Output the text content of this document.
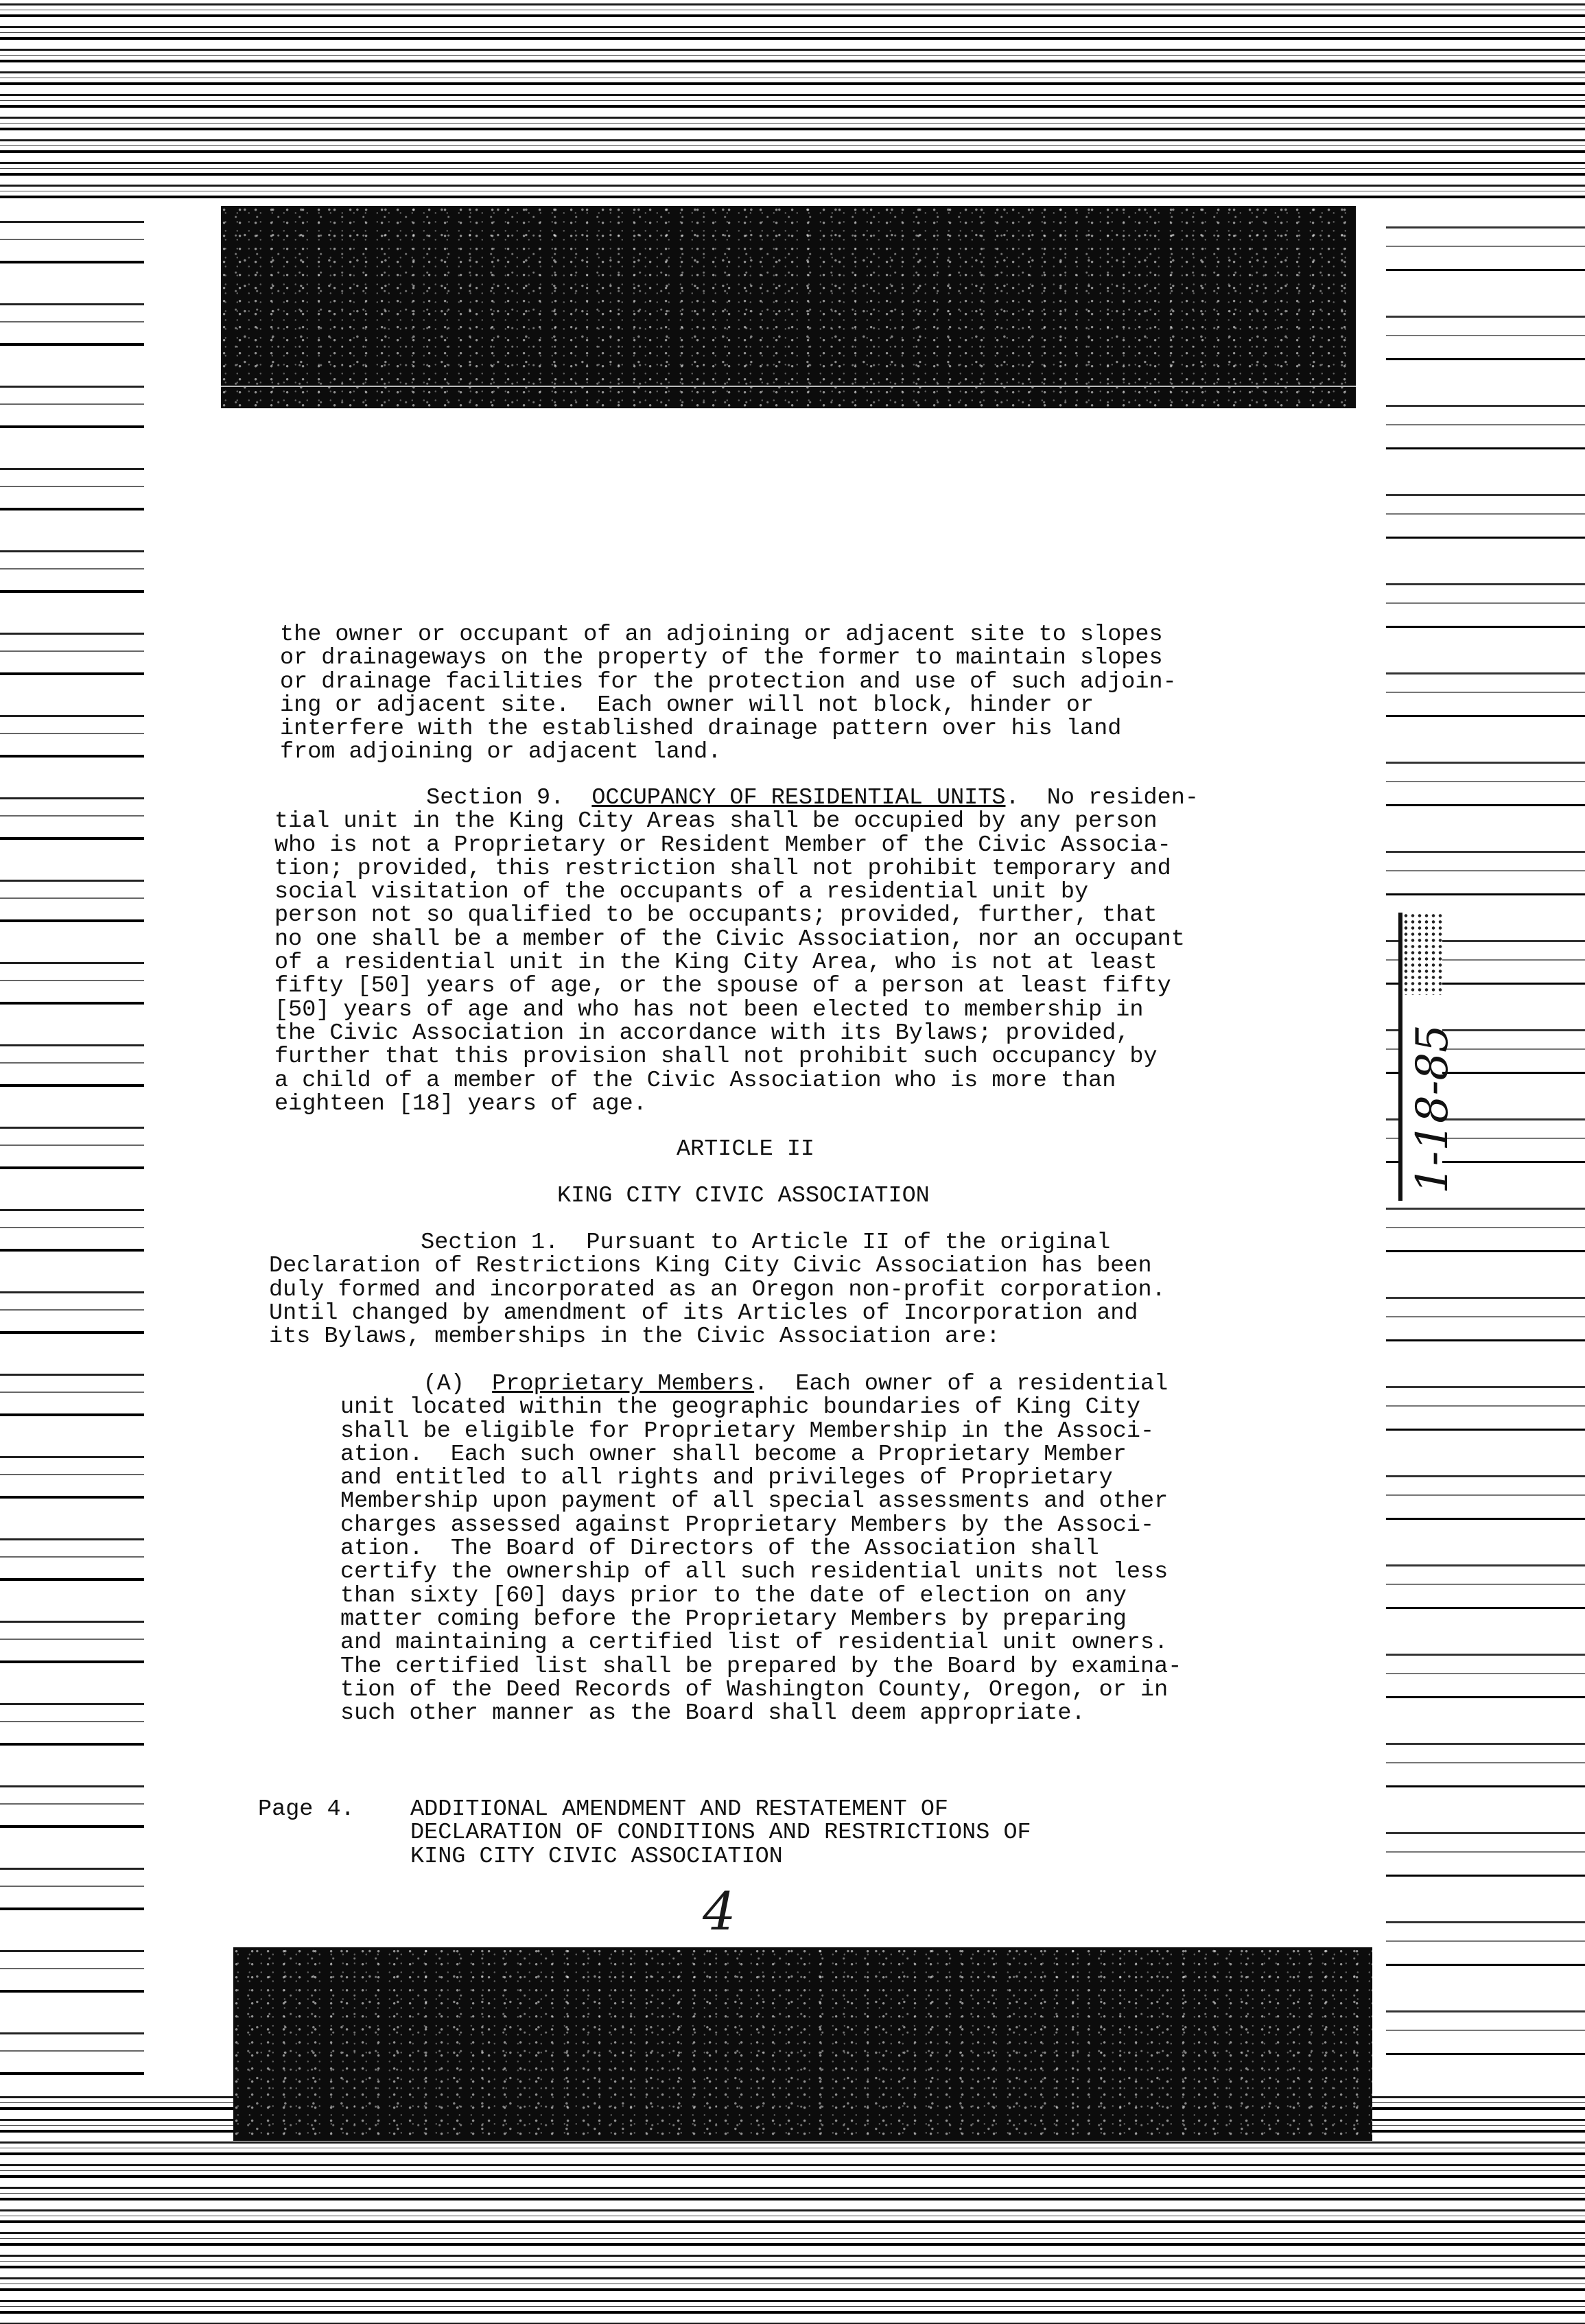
the owner or occupant of an adjoining or adjacent site to slopes
or drainageways on the property of the former to maintain slopes
or drainage facilities for the protection and use of such adjoin-
ing or adjacent site.  Each owner will not block, hinder or
interfere with the established drainage pattern over his land
from adjoining or adjacent land.
Section 9.  OCCUPANCY OF RESIDENTIAL UNITS.  No residen-
tial unit in the King City Areas shall be occupied by any person
who is not a Proprietary or Resident Member of the Civic Associa-
tion; provided, this restriction shall not prohibit temporary and
social visitation of the occupants of a residential unit by
person not so qualified to be occupants; provided, further, that
no one shall be a member of the Civic Association, nor an occupant
of a residential unit in the King City Area, who is not at least
fifty [50] years of age, or the spouse of a person at least fifty
[50] years of age and who has not been elected to membership in
the Civic Association in accordance with its Bylaws; provided,
further that this provision shall not prohibit such occupancy by
a child of a member of the Civic Association who is more than
eighteen [18] years of age.
ARTICLE II
KING CITY CIVIC ASSOCIATION
Section 1.  Pursuant to Article II of the original
Declaration of Restrictions King City Civic Association has been
duly formed and incorporated as an Oregon non-profit corporation.
Until changed by amendment of its Articles of Incorporation and
its Bylaws, memberships in the Civic Association are:
(A)  Proprietary Members.  Each owner of a residential
unit located within the geographic boundaries of King City
shall be eligible for Proprietary Membership in the Associ-
ation.  Each such owner shall become a Proprietary Member
and entitled to all rights and privileges of Proprietary
Membership upon payment of all special assessments and other
charges assessed against Proprietary Members by the Associ-
ation.  The Board of Directors of the Association shall
certify the ownership of all such residential units not less
than sixty [60] days prior to the date of election on any
matter coming before the Proprietary Members by preparing
and maintaining a certified list of residential unit owners.
The certified list shall be prepared by the Board by examina-
tion of the Deed Records of Washington County, Oregon, or in
such other manner as the Board shall deem appropriate.
Page 4. ADDITIONAL AMENDMENT AND RESTATEMENT OF
DECLARATION OF CONDITIONS AND RESTRICTIONS OF
KING CITY CIVIC ASSOCIATION
4
1-18-85
